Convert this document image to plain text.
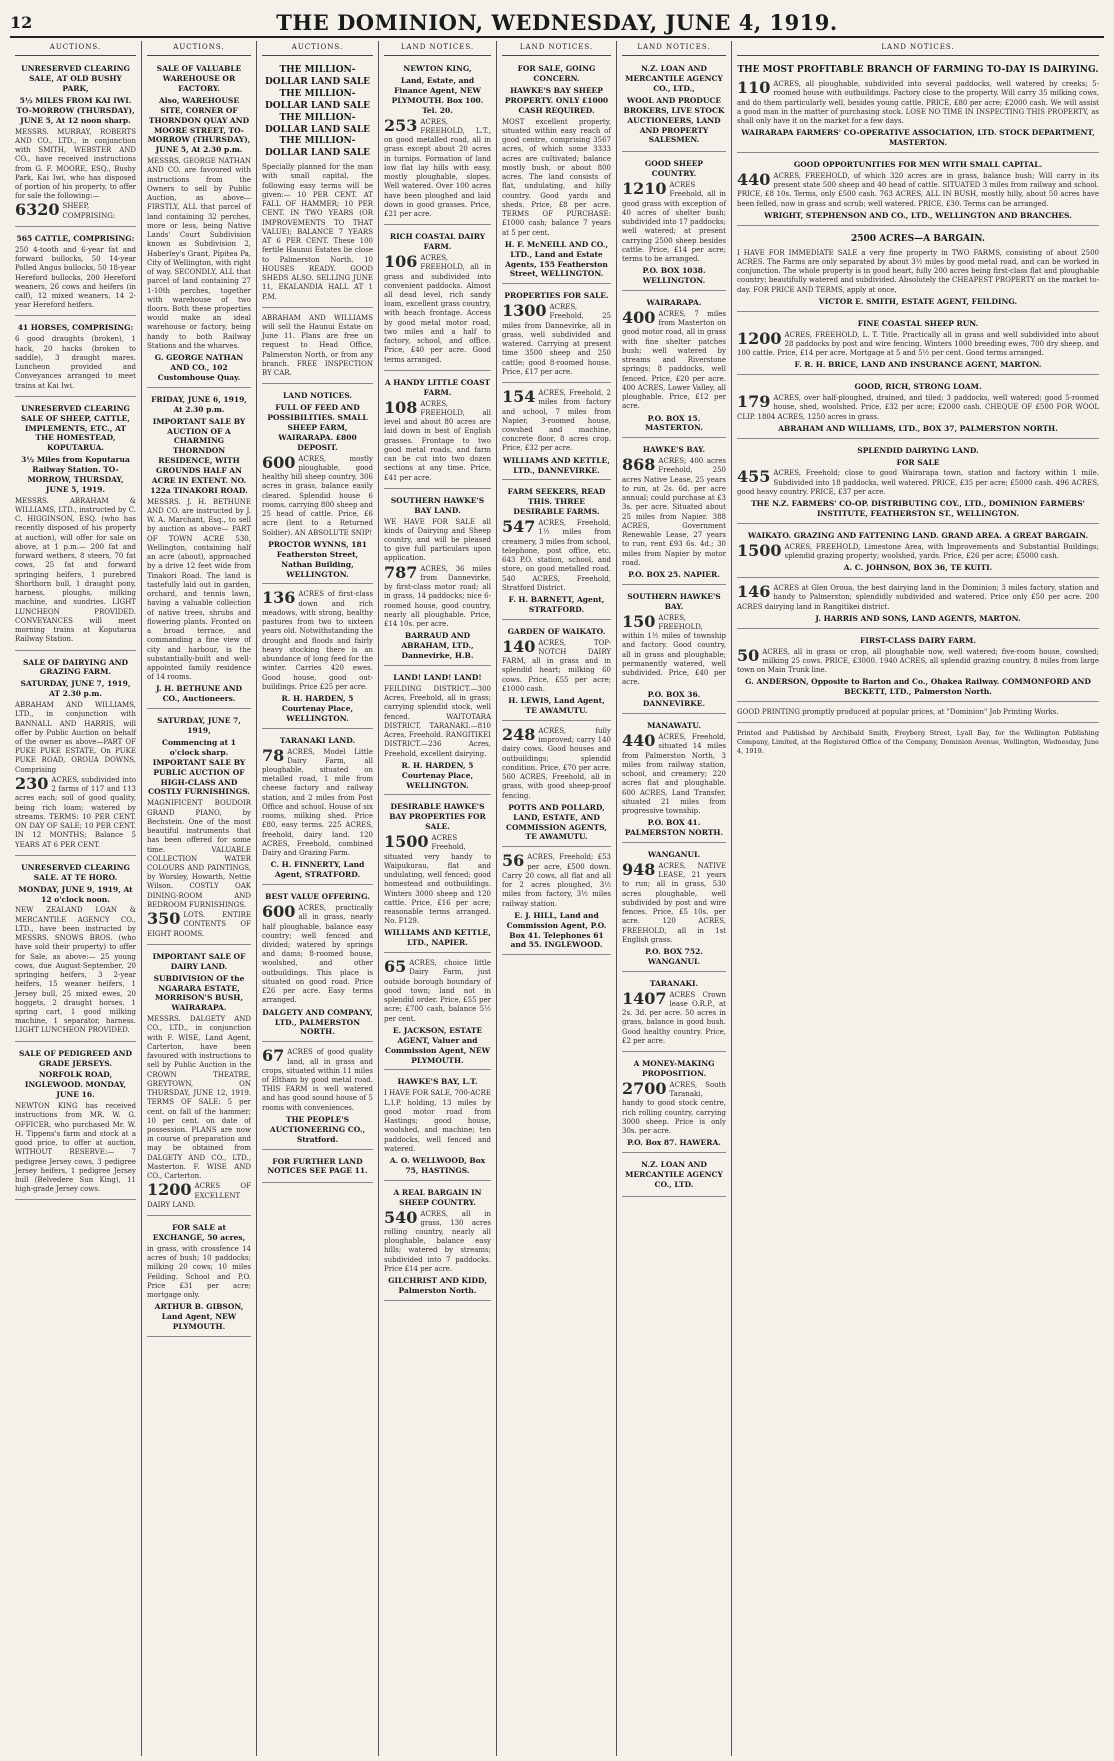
12	THE DOMINION, WEDNESDAY, JUNE 4, 1919.
AUCTIONS.
UNRESERVED CLEARING SALE, AT OLD BUSHY PARK,
5½ MILES FROM KAI IWI. TO-MORROW (THURSDAY), JUNE 5, At 12 noon sharp.

MESSRS. MURRAY, ROBERTS AND CO., LTD., in conjunction with SMITH, WEBSTER AND CO., have received instructions from G. F. MOORE, ESQ., Bushy Park, Kai Iwi, who has disposed of portion of his property, to offer for sale the following:—

6320 SHEEP, COMPRISING:

565 CATTLE, COMPRISING:

250 4-tooth and 6-year fat and forward bullocks, 50 14-year Polled Angus bullocks, 50 18-year Hereford bullocks, 200 Hereford weaners, 26 cows and heifers (in calf), 12 mixed weaners, 14 2-year Hereford heifers.

41 HORSES, COMPRISING:

6 good draughts (broken), 1 hack, 20 hacks (broken to saddle), 3 draught mares. Luncheon provided and Conveyances arranged to meet trains at Kai Iwi.

UNRESERVED CLEARING SALE OF SHEEP, CATTLE, IMPLEMENTS, ETC., AT THE HOMESTEAD, KOPUTARUA.
3½ Miles from Koputarua Railway Station. TO-MORROW, THURSDAY, JUNE 5, 1919.

MESSRS. ABRAHAM & WILLIAMS, LTD., instructed by C. C. HIGGINSON, ESQ. (who has recently disposed of his property at auction), will offer for sale on above, at 1 p.m.— 200 fat and forward wethers, 8 steers, 70 fat cows, 25 fat and forward springing heifers, 1 purebred Shorthorn bull, 1 draught pony, harness, ploughs, milking machine, and sundries. LIGHT LUNCHEON PROVIDED. CONVEYANCES will meet morning trains at Koputarua Railway Station.

SALE OF DAIRYING AND GRAZING FARM.
SATURDAY, JUNE 7, 1919, AT 2.30 p.m.

ABRAHAM AND WILLIAMS, LTD., in conjunction with BANNALL AND HARRIS, will offer by Public Auction on behalf of the owner as above—PART OF PUKE PUKE ESTATE, On PUKE PUKE ROAD, OROUA DOWNS, Comprising

230 ACRES, subdivided into 2 farms of 117 and 113 acres each; soil of good quality, being rich loam; watered by streams. TERMS: 10 PER CENT. ON DAY OF SALE; 10 PER CENT. IN 12 MONTHS; Balance 5 YEARS AT 6 PER CENT.

UNRESERVED CLEARING SALE. AT TE HORO.
MONDAY, JUNE 9, 1919, At 12 o'clock noon.

NEW ZEALAND LOAN & MERCANTILE AGENCY CO., LTD., have been instructed by MESSRS. SNOWS BROS. (who have sold their property) to offer for Sale, as above:— 25 young cows, due August-September, 20 springing heifers, 3 2-year heifers, 15 weaner heifers, 1 Jersey bull, 25 mixed ewes, 20 hoggets, 2 draught horses, 1 spring cart, 1 good milking machine, 1 separator, harness. LIGHT LUNCHEON PROVIDED.

SALE OF PEDIGREED AND GRADE JERSEYS.
NORFOLK ROAD, INGLEWOOD. MONDAY, JUNE 16.

NEWTON KING has received instructions from MR. W. G. OFFICER, who purchased Mr. W. H. Tippens's farm and stock at a good price, to offer at auction, WITHOUT RESERVE:— 7 pedigree Jersey cows, 3 pedigree Jersey heifers, 1 pedigree Jersey bull (Belvedere Sun King), 11 high-grade Jersey cows.

AUCTIONS.
SALE OF VALUABLE WAREHOUSE OR FACTORY.
Also, WAREHOUSE SITE, CORNER OF THORNDON QUAY AND MOORE STREET, TO-MORROW (THURSDAY), JUNE 5, At 2.30 p.m.

MESSRS. GEORGE NATHAN AND CO. are favoured with instructions from the Owners to sell by Public Auction, as above— FIRSTLY, ALL that parcel of land containing 32 perches, more or less, being Native Lands' Court Subdivision known as Subdivision 2, Haberley's Grant, Pipitea Pa, City of Wellington, with right of way. SECONDLY, ALL that parcel of land containing 27 1-10th perches, together with warehouse of two floors. Both these properties would make an ideal warehouse or factory, being handy to both Railway Stations and the wharves.

G. GEORGE NATHAN AND CO., 102 Customhouse Quay.
FRIDAY, JUNE 6, 1919, At 2.30 p.m.
IMPORTANT SALE BY AUCTION OF A CHARMING THORNDON RESIDENCE, WITH GROUNDS HALF AN ACRE IN EXTENT. NO. 122a TINAKORI ROAD.

MESSRS. J. H. BETHUNE AND CO. are instructed by J. W. A. Marchant, Esq., to sell by auction as above— PART OF TOWN ACRE 530, Wellington, containing half an acre (about), approached by a drive 12 feet wide from Tinakori Road. The land is tastefully laid out in garden, orchard, and tennis lawn, having a valuable collection of native trees, shrubs and flowering plants. Fronted on a broad terrace, and commanding a fine view of city and harbour, is the substantially-built and well-appointed family residence of 14 rooms.

J. H. BETHUNE AND CO., Auctioneers.
SATURDAY, JUNE 7, 1919,
Commencing at 1 o'clock sharp. IMPORTANT SALE BY PUBLIC AUCTION OF HIGH-CLASS AND COSTLY FURNISHINGS.

MAGNIFICENT BOUDOIR GRAND PIANO, by Bechstein. One of the most beautiful instruments that has been offered for some time. VALUABLE COLLECTION WATER COLOURS AND PAINTINGS, by Worsley, Howarth, Nettie Wilson. COSTLY OAK DINING-ROOM AND BEDROOM FURNISHINGS.

350 LOTS. ENTIRE CONTENTS OF EIGHT ROOMS.

IMPORTANT SALE OF DAIRY LAND.
SUBDIVISION OF the NGARARA ESTATE, MORRISON'S BUSH, WAIRARAPA.

MESSRS. DALGETY AND CO., LTD., in conjunction with F. WISE, Land Agent, Carterton, have been favoured with instructions to sell by Public Auction in the CROWN THEATRE, GREYTOWN, ON THURSDAY, JUNE 12, 1919. TERMS OF SALE: 5 per cent. on fall of the hammer; 10 per cent. on date of possession. PLANS are now in course of preparation and may be obtained from DALGETY AND CO., LTD., Masterton. F. WISE AND CO., Carterton.

1200 ACRES OF EXCELLENT DAIRY LAND.

FOR SALE at EXCHANGE, 50 acres,

in grass, with crossfence 14 acres of bush; 10 paddocks; milking 20 cows; 10 miles Feilding. School and P.O. Price £31 per acre; mortgage only.

ARTHUR B. GIBSON, Land Agent, NEW PLYMOUTH.
AUCTIONS.
THE MILLION-DOLLAR LAND SALE THE MILLION-DOLLAR LAND SALE THE MILLION-DOLLAR LAND SALE THE MILLION-DOLLAR LAND SALE

Specially planned for the man with small capital, the following easy terms will be given:— 10 PER CENT. AT FALL OF HAMMER; 10 PER CENT. IN TWO YEARS (OR IMPROVEMENTS TO THAT VALUE); BALANCE 7 YEARS AT 6 PER CENT. These 100 fertile Haunui Estates lie close to Palmerston North. 10 HOUSES READY. GOOD SHEDS ALSO. SELLING JUNE 11, EKALANDIA HALL AT 1 P.M.

ABRAHAM AND WILLIAMS will sell the Haunui Estate on June 11. Plans are free on request to Head Office, Palmerston North, or from any branch. FREE INSPECTION BY CAR.

LAND NOTICES.
FULL OF FEED AND POSSIBILITIES. SMALL SHEEP FARM, WAIRARAPA. £800 DEPOSIT.

600 ACRES, mostly ploughable, good healthy hill sheep country, 306 acres in grass, balance easily cleared. Splendid house 6 rooms, carrying 800 sheep and 25 head of cattle. Price, £6 acre (lent to a Returned Soldier). AN ABSOLUTE SNIP!

PROCTOR WYNNS, 181 Featherston Street, Nathan Building, WELLINGTON.

136 ACRES of first-class down and rich meadows, with strong, healthy pastures from two to sixteen years old. Notwithstanding the drought and floods and fairly heavy stocking there is an abundance of long feed for the winter. Carries 420 ewes. Good house, good out-buildings. Price £25 per acre.

R. H. HARDEN, 5 Courtenay Place, WELLINGTON.
TARANAKI LAND.

78 ACRES, Model Little Dairy Farm, all ploughable, situated on metalled road, 1 mile from cheese factory and railway station, and 2 miles from Post Office and school. House of six rooms, milking shed. Price £80, easy terms. 225 ACRES, freehold, dairy land. 120 ACRES, Freehold, combined Dairy and Grazing Farm.

C. H. FINNERTY, Land Agent, STRATFORD.
BEST VALUE OFFERING.

600 ACRES, practically all in grass, nearly half ploughable, balance easy country; well fenced and divided; watered by springs and dams; 8-roomed house, woolshed, and other outbuildings. This place is situated on good road. Price £26 per acre. Easy terms arranged.

DALGETY AND COMPANY, LTD., PALMERSTON NORTH.

67 ACRES of good quality land, all in grass and crops, situated within 11 miles of Eltham by good metal road. THIS FARM is well watered and has good sound house of 5 rooms with conveniences.

THE PEOPLE'S AUCTIONEERING CO., Stratford.
FOR FURTHER LAND NOTICES SEE PAGE 11.
LAND NOTICES.
NEWTON KING,
Land, Estate, and Finance Agent, NEW PLYMOUTH. Box 100. Tel. 20.

253 ACRES, FREEHOLD, L.T., on good metalled road, all in grass except about 20 acres in turnips. Formation of land low flat lay hills with easy, mostly ploughable, slopes. Well watered. Over 100 acres have been ploughed and laid down in good grasses. Price, £21 per acre.

RICH COASTAL DAIRY FARM.

106 ACRES, FREEHOLD, all in grass and subdivided into convenient paddocks. Almost all dead level, rich sandy loam, excellent grass country, with beach frontage. Access by good metal motor road, two miles and a half to factory, school, and office. Price, £40 per acre. Good terms arranged.

A HANDY LITTLE COAST FARM.

108 ACRES, FREEHOLD, all level and about 80 acres are laid down in best of English grasses. Frontage to two good metal roads, and farm can be cut into two dozen sections at any time. Price, £41 per acre.

SOUTHERN HAWKE'S BAY LAND.

WE HAVE FOR SALE all kinds of Dairying and Sheep country, and will be pleased to give full particulars upon application.

787 ACRES, 36 miles from Dannevirke, by first-class motor road; all in grass, 14 paddocks; nice 6-roomed house, good country, nearly all ploughable. Price, £14 10s. per acre.

BARRAUD AND ABRAHAM, LTD., Dannevirke, H.B.
LAND! LAND! LAND!

FEILDING DISTRICT.—300 Acres, Freehold, all in grass; carrying splendid stock, well fenced. WAITOTARA DISTRICT, TARANAKI.—810 Acres, Freehold. RANGITIKEI DISTRICT.—236 Acres, Freehold, excellent dairying.

R. H. HARDEN, 5 Courtenay Place, WELLINGTON.
DESIRABLE HAWKE'S BAY PROPERTIES FOR SALE.

1500 ACRES Freehold, situated very handy to Waipukurau, flat and undulating, well fenced; good homestead and outbuildings. Winters 3000 sheep and 120 cattle. Price, £16 per acre; reasonable terms arranged. No. F129.

WILLIAMS AND KETTLE, LTD., NAPIER.

65 ACRES, choice little Dairy Farm, just outside borough boundary of good town; land not in splendid order. Price, £55 per acre; £700 cash, balance 5½ per cent.

E. JACKSON, ESTATE AGENT, Valuer and Commission Agent, NEW PLYMOUTH.
HAWKE'S BAY, L.T.

I HAVE FOR SALE, 700-ACRE L.I.P. holding, 13 miles by good motor road from Hastings; good house, woolshed, and machine; ten paddocks, well fenced and watered.

A. O. WELLWOOD, Box 75, HASTINGS.
A REAL BARGAIN IN SHEEP COUNTRY.

540 ACRES, all in grass, 130 acres rolling country, nearly all ploughable, balance easy hills; watered by streams; subdivided into 7 paddocks. Price £14 per acre.

GILCHRIST AND KIDD, Palmerston North.
LAND NOTICES.
FOR SALE, GOING CONCERN.
HAWKE'S BAY SHEEP PROPERTY. ONLY £1000 CASH REQUIRED.

MOST excellent property, situated within easy reach of good centre, comprising 3567 acres, of which some 3333 acres are cultivated; balance mostly bush, or about 800 acres. The land consists of flat, undulating, and hilly country. Good yards and sheds. Price, £8 per acre. TERMS OF PURCHASE: £1000 cash; balance 7 years at 5 per cent.

H. F. McNEILL AND CO., LTD., Land and Estate Agents, 155 Featherston Street, WELLINGTON.
PROPERTIES FOR SALE.

1300 ACRES, Freehold, 25 miles from Dannevirke, all in grass, well subdivided and watered. Carrying at present time 3500 sheep and 250 cattle; good 8-roomed house. Price, £17 per acre.

154 ACRES, Freehold, 2 miles from factory and school, 7 miles from Napier, 3-roomed house, cowshed and machine, concrete floor, 8 acres crop. Price, £32 per acre.

WILLIAMS AND KETTLE, LTD., DANNEVIRKE.
FARM SEEKERS, READ THIS. THREE DESIRABLE FARMS.

547 ACRES, Freehold, 1½ miles from creamery, 3 miles from school, telephone, post office, etc. 643 P.O. station, school, and store, on good metalled road. 540 ACRES, Freehold, Stratford District.

F. H. BARNETT, Agent, STRATFORD.
GARDEN OF WAIKATO.

140 ACRES, TOP-NOTCH DAIRY FARM, all in grass and in splendid heart; milking 60 cows. Price, £55 per acre; £1000 cash.

H. LEWIS, Land Agent, TE AWAMUTU.

248 ACRES, fully improved; carry 140 dairy cows. Good houses and outbuildings; splendid condition. Price, £70 per acre. 560 ACRES, Freehold, all in grass, with good sheep-proof fencing.

POTTS AND POLLARD, LAND, ESTATE, AND COMMISSION AGENTS, TE AWAMUTU.

56 ACRES, Freehold; £53 per acre, £500 down. Carry 20 cows, all flat and all for 2 acres ploughed, 3½ miles from factory, 3½ miles railway station.

E. J. HILL, Land and Commission Agent, P.O. Box 41. Telephones 61 and 55. INGLEWOOD.
LAND NOTICES.
N.Z. LOAN AND MERCANTILE AGENCY CO., LTD.,
WOOL AND PRODUCE BROKERS, LIVE STOCK AUCTIONEERS, LAND AND PROPERTY SALESMEN.
GOOD SHEEP COUNTRY.

1210 ACRES Freehold, all in good grass with exception of 40 acres of shelter bush; subdivided into 17 paddocks; well watered; at present carrying 2500 sheep besides cattle. Price, £14 per acre; terms to be arranged.

P.O. BOX 1038. WELLINGTON.
WAIRARAPA.

400 ACRES, 7 miles from Masterton on good motor road, all in grass with fine shelter patches bush; well watered by streams and Riverstone springs; 8 paddocks, well fenced. Price, £20 per acre. 400 ACRES, Lower Valley, all ploughable. Price, £12 per acre.

P.O. BOX 15. MASTERTON.
HAWKE'S BAY.

868 ACRES; 400 acres Freehold, 250 acres Native Lease, 25 years to run, at 2s. 6d. per acre annual; could purchase at £3 3s. per acre. Situated about 25 miles from Napier. 388 ACRES, Government Renewable Lease, 27 years to run, rent £93 6s. 4d.; 30 miles from Napier by motor road.

P.O. BOX 25. NAPIER.
SOUTHERN HAWKE'S BAY.

150 ACRES, FREEHOLD, within 1½ miles of township and factory. Good country, all in grass and ploughable; permanently watered, well subdivided. Price, £40 per acre.

P.O. BOX 36. DANNEVIRKE.
MANAWATU.

440 ACRES, Freehold, situated 14 miles from Palmerston North, 3 miles from railway station, school, and creamery; 220 acres flat and ploughable. 600 ACRES, Land Transfer, situated 21 miles from progressive township.

P.O. BOX 41. PALMERSTON NORTH.
WANGANUI.

948 ACRES, NATIVE LEASE, 21 years to run; all in grass, 530 acres ploughable, well subdivided by post and wire fences. Price, £5 10s. per acre. 120 ACRES, FREEHOLD, all in 1st English grass.

P.O. BOX 752. WANGANUI.
TARANAKI.

1407 ACRES Crown lease O.R.P., at 2s. 3d. per acre. 50 acres in grass, balance in good bush. Good healthy country. Price, £2 per acre.

A MONEY-MAKING PROPOSITION.

2700 ACRES, South Taranaki, handy to good stock centre, rich rolling country, carrying 3000 sheep. Price is only 30s. per acre.

P.O. Box 87. HAWERA.
N.Z. LOAN AND MERCANTILE AGENCY CO., LTD.
LAND NOTICES.
THE MOST PROFITABLE BRANCH OF FARMING TO-DAY IS DAIRYING.

110 ACRES, all ploughable, subdivided into several paddocks, well watered by creeks; 5-roomed house with outbuildings. Factory close to the property. Will carry 35 milking cows, and do them particularly well, besides young cattle. PRICE, £80 per acre; £2000 cash. We will assist a good man in the matter of purchasing stock. LOSE NO TIME IN INSPECTING THIS PROPERTY, as shall only have it on the market for a few days.

WAIRARAPA FARMERS' CO-OPERATIVE ASSOCIATION, LTD. STOCK DEPARTMENT, MASTERTON.
GOOD OPPORTUNITIES FOR MEN WITH SMALL CAPITAL.

440 ACRES, FREEHOLD, of which 320 acres are in grass, balance bush; Will carry in its present state 500 sheep and 40 head of cattle. SITUATED 3 miles from railway and school. PRICE, £8 10s. Terms, only £500 cash. 763 ACRES, ALL IN BUSH, mostly hilly, about 50 acres have been felled, now in grass and scrub; well watered. PRICE, £30. Terms can be arranged.

WRIGHT, STEPHENSON AND CO., LTD., WELLINGTON AND BRANCHES.
2500 ACRES—A BARGAIN.

I HAVE FOR IMMEDIATE SALE a very fine property in TWO FARMS, consisting of about 2500 ACRES. The Farms are only separated by about 3½ miles by good metal road, and can be worked in conjunction. The whole property is in good heart, fully 200 acres being first-class flat and ploughable country; beautifully watered and subdivided. Absolutely the CHEAPEST PROPERTY on the market to-day. FOR PRICE AND TERMS, apply at once,

VICTOR E. SMITH, ESTATE AGENT, FEILDING.
FINE COASTAL SHEEP RUN.

1200 ACRES, FREEHOLD, L. T. Title. Practically all in grass and well subdivided into about 28 paddocks by post and wire fencing. Winters 1000 breeding ewes, 700 dry sheep, and 100 cattle. Price, £14 per acre. Mortgage at 5 and 5½ per cent. Good terms arranged.

F. R. H. BRICE, LAND AND INSURANCE AGENT, MARTON.
GOOD, RICH, STRONG LOAM.

179 ACRES, over half-ploughed, drained, and tiled; 3 paddocks, well watered; good 5-roomed house, shed, woolshed. Price, £32 per acre; £2000 cash. CHEQUE OF £500 FOR WOOL CLIP. 1804 ACRES, 1250 acres in grass.

ABRAHAM AND WILLIAMS, LTD., BOX 37, PALMERSTON NORTH.
SPLENDID DAIRYING LAND.
FOR SALE

455 ACRES, Freehold; close to good Wairarapa town, station and factory within 1 mile. Subdivided into 18 paddocks, well watered. PRICE, £35 per acre; £5000 cash. 496 ACRES, good heavy country. PRICE, £37 per acre.

THE N.Z. FARMERS' CO-OP. DISTRIBUTING COY., LTD., DOMINION FARMERS' INSTITUTE, FEATHERSTON ST., WELLINGTON.
WAIKATO. GRAZING AND FATTENING LAND. GRAND AREA. A GREAT BARGAIN.

1500 ACRES, FREEHOLD, Limestone Area, with Improvements and Substantial Buildings; splendid grazing property; woolshed, yards. Price, £26 per acre; £5000 cash.

A. C. JOHNSON, BOX 36, TE KUITI.

146 ACRES at Glen Oroua, the best dairying land in the Dominion; 3 miles factory, station and handy to Palmerston; splendidly subdivided and watered. Price only £50 per acre. 200 ACRES dairying land in Rangitikei district.

J. HARRIS AND SONS, LAND AGENTS, MARTON.
FIRST-CLASS DAIRY FARM.

50 ACRES, all in grass or crop, all ploughable now, well watered; five-room house, cowshed; milking 25 cows. PRICE, £3000. 1940 ACRES, all splendid grazing country, 8 miles from large town on Main Trunk line.

G. ANDERSON, Opposite to Barton and Co., Ohakea Railway. COMMONFORD AND BECKETT, LTD., Palmerston North.

GOOD PRINTING promptly produced at popular prices, at "Dominion" Job Printing Works.

Printed and Published by Archibald Smith, Freyberg Street, Lyall Bay, for the Wellington Publishing Company, Limited, at the Registered Office of the Company, Dominion Avenue, Wellington, Wednesday, June 4, 1919.
